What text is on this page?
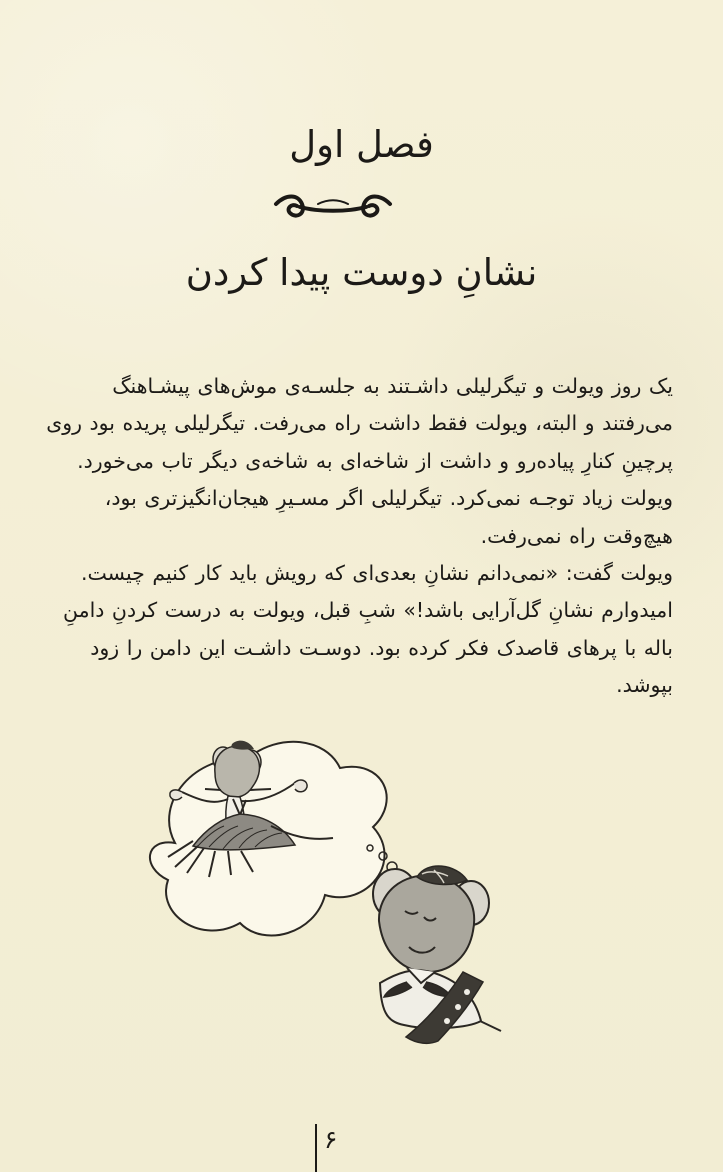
فصل اول
نشانِ دوست پیدا کردن

یک روز ویولت و تیگرلیلی داشـتند به جلسـه‌ی موش‌های پیشـاهنگ می‌رفتند و البته، ویولت فقط داشت راه می‌رفت. تیگرلیلی پریده بود روی پرچینِ کنارِ پیاده‌رو و داشت از شاخه‌ای به شاخه‌ی دیگر تاب می‌خورد. ویولت زیاد توجـه نمی‌کرد. تیگرلیلی اگر مسـیرِ هیجان‌انگیزتری بود، هیچ‌وقت راه نمی‌رفت.

ویولت گفت: «نمی‌دانم نشانِ بعدی‌ای که رویش باید کار کنیم چیست. امیدوارم نشانِ گل‌آرایی باشد!» شبِ قبل، ویولت به درست کردنِ دامنِ باله با پرهای قاصدک فکر کرده بود. دوسـت داشـت این دامن را زود بپوشد.

۶
